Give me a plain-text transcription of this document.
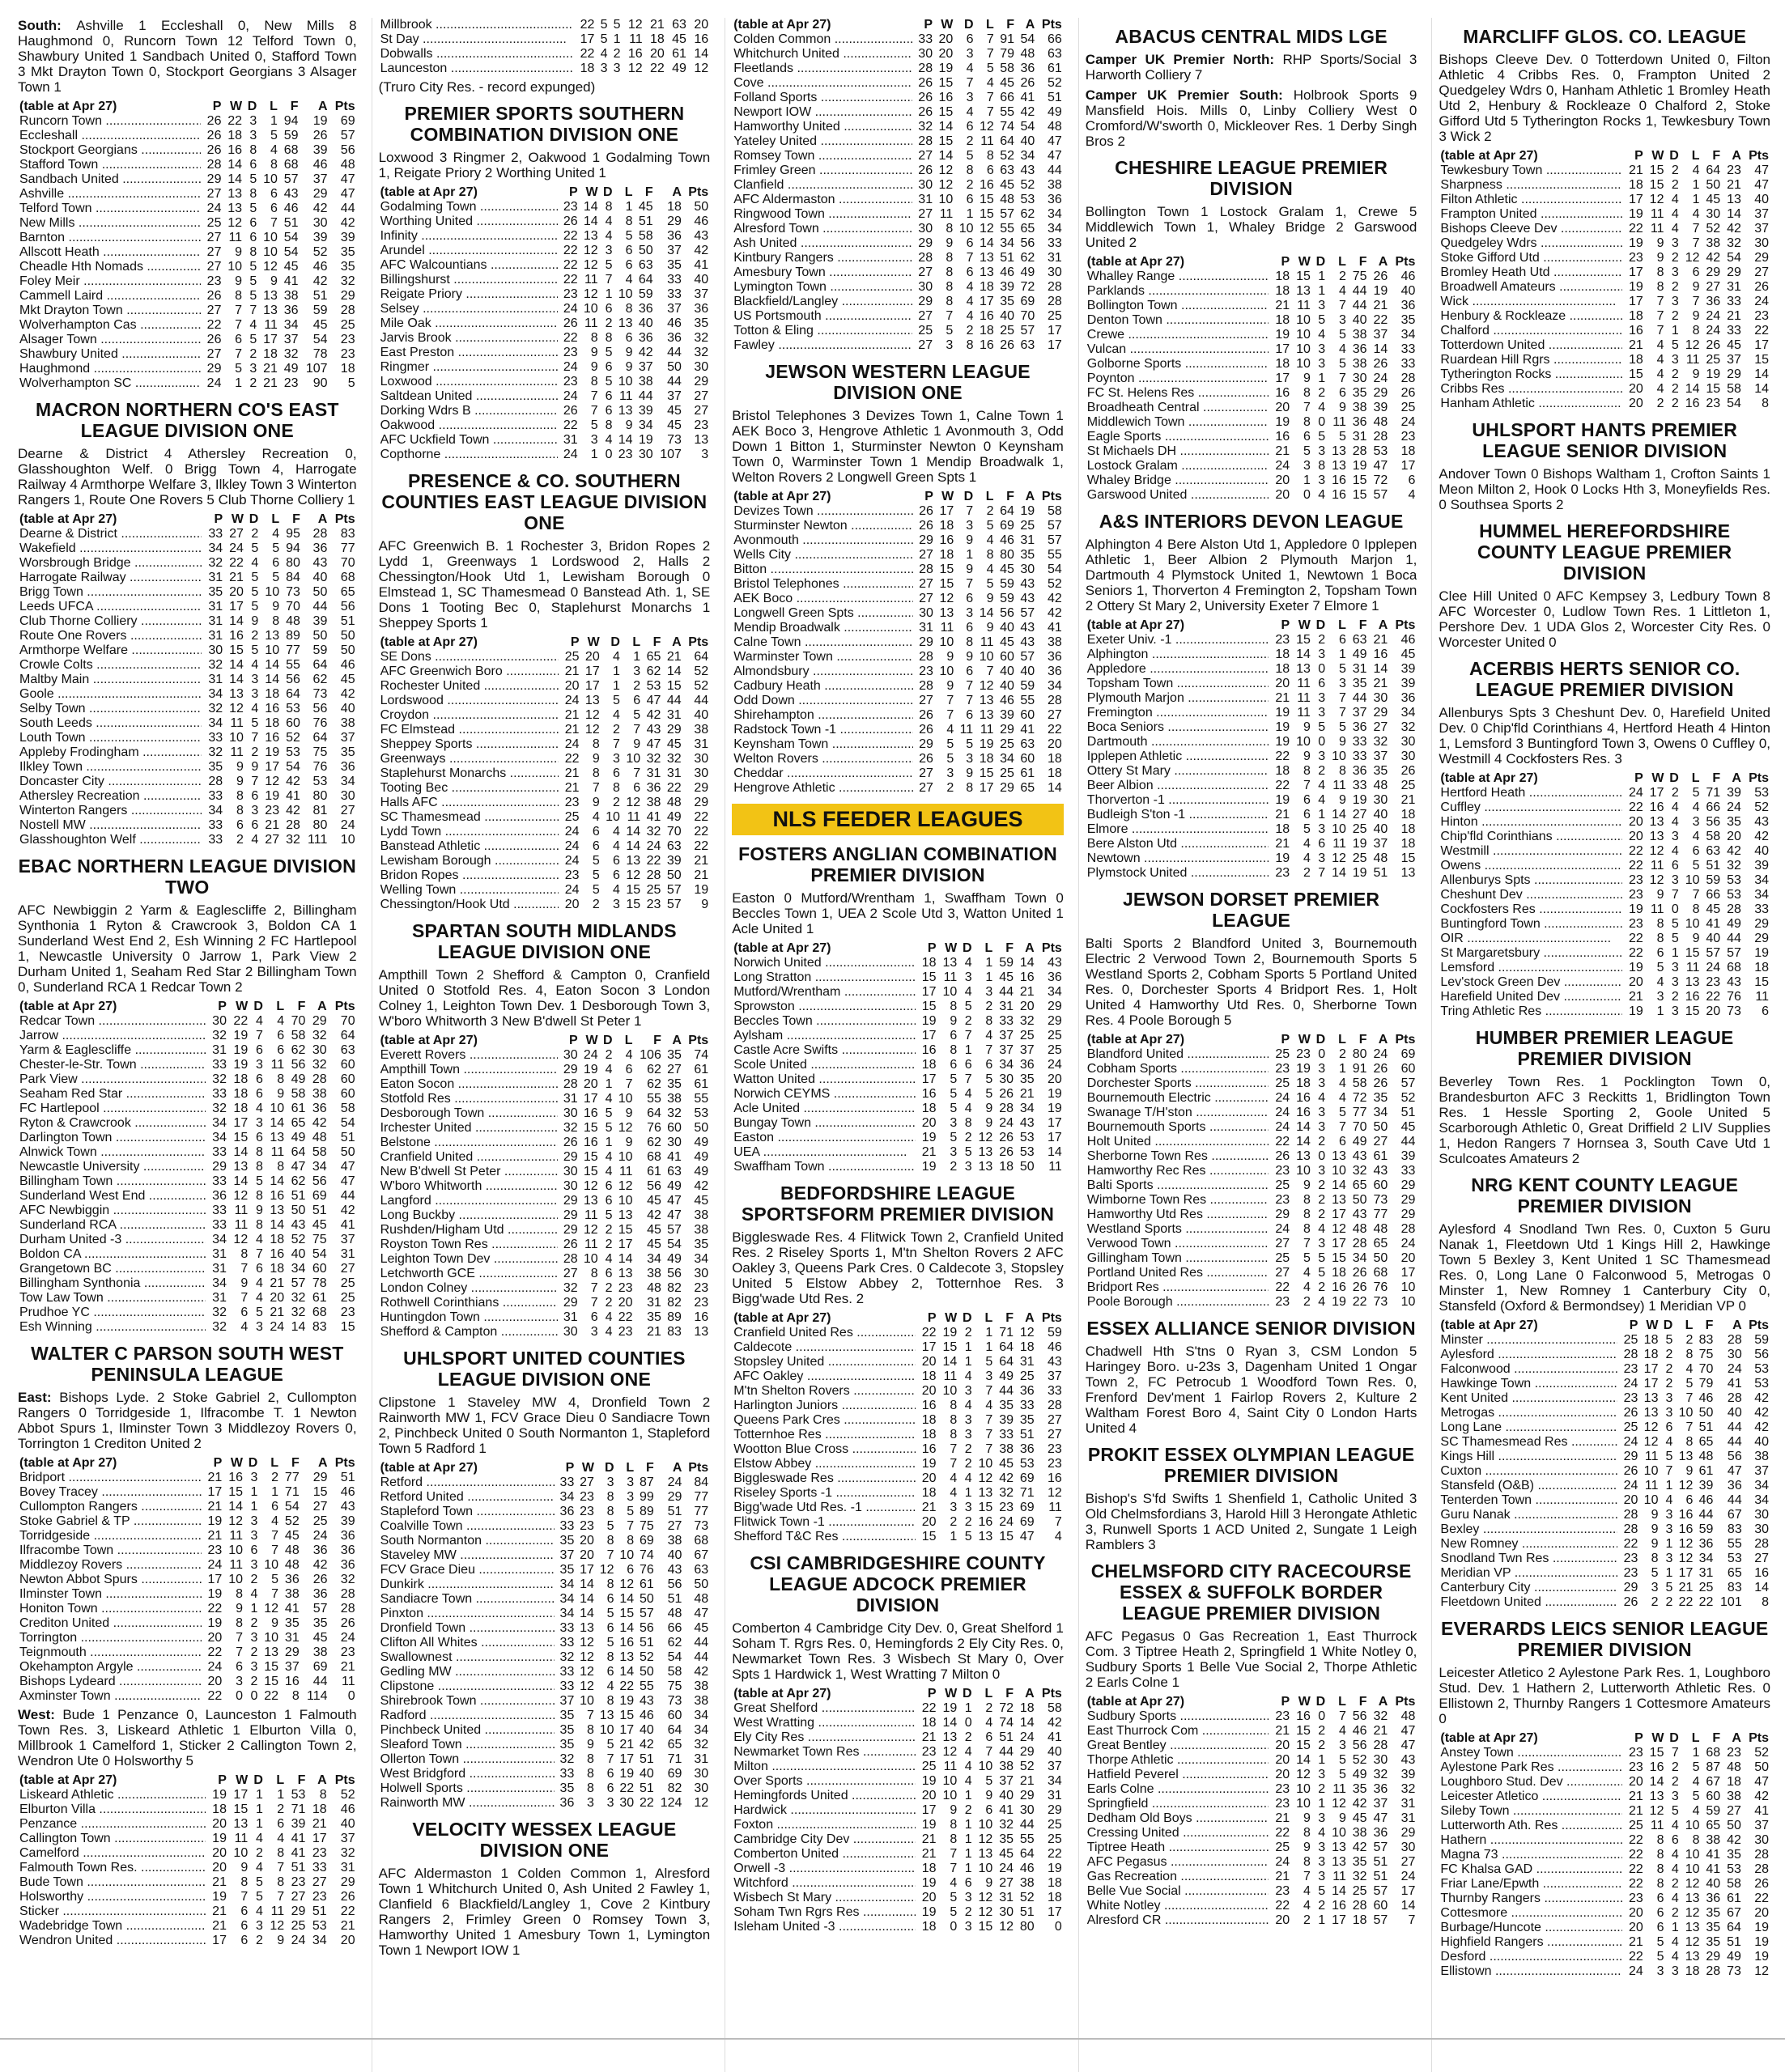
South: Ashville 1 Eccleshall 0, New Mills 8 Haughmond 0, Runcorn Town 12 Telford Town 0, Shawbury United 1 Sandbach United 0, Stafford Town 3 Mkt Drayton Town 0, Stockport Georgians 3 Alsager Town 1
(table at Apr 27)	P	W	D	L	F	A	Pts

Runcorn Town .....	26	22	3	1	94	19	69

Eccleshall .....	26	18	3	5	59	26	57

Stockport Georgians .....	26	16	8	4	68	39	56

Stafford Town .....	28	14	6	8	68	46	48

Sandbach United .....	29	14	5	10	57	37	47

Ashville .....	27	13	8	6	43	29	47

Telford Town .....	24	13	5	6	46	42	44

New Mills .....	25	12	6	7	51	30	42

Barnton .....	27	11	6	10	54	39	39

Allscott Heath .....	27	9	8	10	54	52	35

Cheadle Hth Nomads .....	27	10	5	12	45	46	35

Foley Meir .....	23	9	5	9	41	42	32

Cammell Laird .....	26	8	5	13	38	51	29

Mkt Drayton Town .....	27	7	7	13	36	59	28

Wolverhampton Cas .....	22	7	4	11	34	45	25

Alsager Town .....	26	6	5	17	37	54	23

Shawbury United .....	27	7	2	18	32	78	23

Haughmond .....	29	5	3	21	49	107	18

Wolverhampton SC .....	24	1	2	21	23	90	5
MACRON NORTHERN CO'S EAST LEAGUE DIVISION ONE
Dearne & District 4 Athersley Recreation 0, Glasshoughton Welf. 0 Brigg Town 4, Harrogate Railway 4 Armthorpe Welfare 3, Ilkley Town 3 Winterton Rangers 1, Route One Rovers 5 Club Thorne Colliery 1
(table at Apr 27)	P	W	D	L	F	A	Pts

Dearne & District .....	33	27	2	4	95	28	83

Wakefield .....	34	24	5	5	94	36	77

Worsbrough Bridge .....	32	22	4	6	80	43	70

Harrogate Railway .....	31	21	5	5	84	40	68

Brigg Town .....	35	20	5	10	73	50	65

Leeds UFCA .....	31	17	5	9	70	44	56

Club Thorne Colliery .....	31	14	9	8	48	39	51

Route One Rovers .....	31	16	2	13	89	50	50

Armthorpe Welfare .....	30	15	5	10	77	59	50

Crowle Colts .....	32	14	4	14	55	64	46

Maltby Main .....	31	14	3	14	56	62	45

Goole .....	34	13	3	18	64	73	42

Selby Town .....	32	12	4	16	53	56	40

South Leeds .....	34	11	5	18	60	76	38

Louth Town .....	33	10	7	16	52	64	37

Appleby Frodingham .....	32	11	2	19	53	75	35

Ilkley Town .....	35	9	9	17	54	76	36

Doncaster City .....	28	9	7	12	42	53	34

Athersley Recreation .....	33	8	6	19	41	80	30

Winterton Rangers .....	34	8	3	23	42	81	27

Nostell MW .....	33	6	6	21	28	80	24

Glasshoughton Welf .....	33	2	4	27	32	111	10
EBAC NORTHERN LEAGUE DIVISION TWO
AFC Newbiggin 2 Yarm & Eaglescliffe 2, Billingham Synthonia 1 Ryton & Crawcrook 3, Boldon CA 1 Sunderland West End 2, Esh Winning 2 FC Hartlepool 1, Newcastle University 0 Jarrow 1, Park View 2 Durham United 1, Seaham Red Star 2 Billingham Town 0, Sunderland RCA 1 Redcar Town 2
(table at Apr 27)	P	W	D	L	F	A	Pts

Redcar Town .....	30	22	4	4	70	29	70

Jarrow .....	32	19	7	6	58	32	64

Yarm & Eaglescliffe .....	31	19	6	6	62	30	63

Chester-le-Str. Town .....	33	19	3	11	56	32	60

Park View .....	32	18	6	8	49	28	60

Seaham Red Star .....	33	18	6	9	58	38	60

FC Hartlepool .....	32	18	4	10	61	36	58

Ryton & Crawcrook .....	34	17	3	14	65	42	54

Darlington Town .....	34	15	6	13	49	48	51

Alnwick Town .....	33	14	8	11	64	58	50

Newcastle University .....	29	13	8	8	47	34	47

Billingham Town .....	33	14	5	14	62	56	47

Sunderland West End .....	36	12	8	16	51	69	44

AFC Newbiggin .....	33	11	9	13	50	51	42

Sunderland RCA .....	33	11	8	14	43	45	41

Durham United -3 .....	34	12	4	18	52	75	37

Boldon CA .....	31	8	7	16	40	54	31

Grangetown BC .....	31	7	6	18	34	60	27

Billingham Synthonia .....	34	9	4	21	57	78	25

Tow Law Town .....	31	7	4	20	32	61	25

Prudhoe YC .....	32	6	5	21	32	68	23

Esh Winning .....	32	4	3	24	14	83	15
WALTER C PARSON SOUTH WEST PENINSULA LEAGUE
East: Bishops Lyde. 2 Stoke Gabriel 2, Cullompton Rangers 0 Torridgeside 1, Ilfracombe T. 1 Newton Abbot Spurs 1, Ilminster Town 3 Middlezoy Rovers 0, Torrington 1 Crediton United 2
(table at Apr 27)	P	W	D	L	F	A	Pts

Bridport .....	21	16	3	2	77	29	51

Bovey Tracey .....	17	15	1	1	71	15	46

Cullompton Rangers .....	21	14	1	6	54	27	43

Stoke Gabriel & TP .....	19	12	3	4	52	25	39

Torridgeside .....	21	11	3	7	45	24	36

Ilfracombe Town .....	23	10	6	7	48	36	36

Middlezoy Rovers .....	24	11	3	10	48	42	36

Newton Abbot Spurs .....	17	10	2	5	36	26	32

Ilminster Town .....	19	8	4	7	38	36	28

Honiton Town .....	22	9	1	12	41	57	28

Crediton United .....	19	8	2	9	35	35	26

Torrington .....	20	7	3	10	31	45	24

Teignmouth .....	22	7	2	13	29	38	23

Okehampton Argyle .....	24	6	3	15	37	69	21

Bishops Lydeard .....	20	3	2	15	16	44	11

Axminster Town .....	22	0	0	22	8	114	0
West: Bude 1 Penzance 0, Launceston 1 Falmouth Town Res. 3, Liskeard Athletic 1 Elburton Villa 0, Millbrook 1 Camelford 1, Sticker 2 Callington Town 2, Wendron Ute 0 Holsworthy 5
(table at Apr 27)	P	W	D	L	F	A	Pts

Liskeard Athletic .....	19	17	1	1	53	8	52

Elburton Villa .....	18	15	1	2	71	18	46

Penzance .....	20	13	1	6	39	21	40

Callington Town .....	19	11	4	4	41	17	37

Camelford .....	20	10	2	8	41	23	32

Falmouth Town Res. .....	20	9	4	7	51	33	31

Bude Town .....	21	8	5	8	23	27	29

Holsworthy .....	19	7	5	7	27	23	26

Sticker .....	21	6	4	11	29	51	22

Wadebridge Town .....	21	6	3	12	25	53	21

Wendron United .....	17	6	2	9	24	34	20
Millbrook .....	22	5	5	12	21	63	20

St Day .....	17	5	1	11	18	45	16

Dobwalls .....	22	4	2	16	20	61	14

Launceston .....	18	3	3	12	22	49	12
(Truro City Res. - record expunged)
PREMIER SPORTS SOUTHERN COMBINATION DIVISION ONE
Loxwood 3 Ringmer 2, Oakwood 1 Godalming Town 1, Reigate Priory 2 Worthing United 1
(table at Apr 27)	P	W	D	L	F	A	Pts

Godalming Town .....	23	14	8	1	45	18	50

Worthing United .....	26	14	4	8	51	29	46

Infinity .....	22	13	4	5	58	36	43

Arundel .....	22	12	3	6	50	37	42

AFC Walcountians .....	22	12	5	6	63	35	41

Billingshurst .....	22	11	7	4	64	33	40

Reigate Priory .....	23	12	1	10	59	33	37

Selsey .....	24	10	6	8	36	37	36

Mile Oak .....	26	11	2	13	40	46	35

Jarvis Brook .....	22	8	8	6	36	36	32

East Preston .....	23	9	5	9	42	44	32

Ringmer .....	24	9	6	9	37	50	30

Loxwood .....	23	8	5	10	38	44	29

Saltdean United .....	24	7	6	11	44	37	27

Dorking Wdrs B .....	26	7	6	13	39	45	27

Oakwood .....	22	5	8	9	34	45	23

AFC Uckfield Town .....	31	3	4	14	19	73	13

Copthorne .....	24	1	0	23	30	107	3
PRESENCE & CO. SOUTHERN COUNTIES EAST LEAGUE DIVISION ONE
AFC Greenwich B. 1 Rochester 3, Bridon Ropes 2 Lydd 1, Greenways 1 Lordswood 2, Halls 2 Chessington/Hook Utd 1, Lewisham Borough 0 Elmstead 1, SC Thamesmead 0 Banstead Ath. 1, SE Dons 1 Tooting Bec 0, Staplehurst Monarchs 1 Sheppey Sports 1
(table at Apr 27)	P	W	D	L	F	A	Pts

SE Dons .....	25	20	4	1	65	21	64

AFC Greenwich Boro .....	21	17	1	3	62	14	52

Rochester United .....	20	17	1	2	53	15	52

Lordswood .....	24	13	5	6	47	44	44

Croydon .....	21	12	4	5	42	31	40

FC Elmstead .....	21	12	2	7	43	29	38

Sheppey Sports .....	24	8	7	9	47	45	31

Greenways .....	22	9	3	10	32	32	30

Staplehurst Monarchs .....	21	8	6	7	31	31	30

Tooting Bec .....	21	7	8	6	36	22	29

Halls AFC .....	23	9	2	12	38	48	29

SC Thamesmead .....	25	4	10	11	41	49	22

Lydd Town .....	24	6	4	14	32	70	22

Banstead Athletic .....	24	6	4	14	24	63	22

Lewisham Borough .....	24	5	6	13	22	39	21

Bridon Ropes .....	23	5	6	12	28	50	21

Welling Town .....	24	5	4	15	25	57	19

Chessington/Hook Utd .....	20	2	3	15	23	57	9
SPARTAN SOUTH MIDLANDS LEAGUE DIVISION ONE
Ampthill Town 2 Shefford & Campton 0, Cranfield United 0 Stotfold Res. 4, Eaton Socon 3 London Colney 1, Leighton Town Dev. 1 Desborough Town 3, W'boro Whitworth 3 New B'dwell St Peter 1
(table at Apr 27)	P	W	D	L	F	A	Pts

Everett Rovers .....	30	24	2	4	106	35	74

Ampthill Town .....	29	19	4	6	62	27	61

Eaton Socon .....	28	20	1	7	62	35	61

Stotfold Res .....	31	17	4	10	55	38	55

Desborough Town .....	30	16	5	9	64	32	53

Irchester United .....	32	15	5	12	76	60	50

Belstone .....	26	16	1	9	62	30	49

Cranfield United .....	29	15	4	10	68	41	49

New B'dwell St Peter .....	30	15	4	11	61	63	49

W'boro Whitworth .....	30	12	6	12	56	49	42

Langford .....	29	13	6	10	45	47	45

Long Buckby .....	29	11	5	13	42	47	38

Rushden/Higham Utd .....	29	12	2	15	45	57	38

Royston Town Res .....	26	11	2	17	45	54	35

Leighton Town Dev .....	28	10	4	14	34	49	34

Letchworth GCE .....	27	8	6	13	38	56	30

London Colney .....	32	7	2	23	48	82	23

Rothwell Corinthians .....	29	7	2	20	31	82	23

Huntingdon Town .....	31	6	4	22	35	89	16

Shefford & Campton .....	30	3	4	23	21	83	13
UHLSPORT UNITED COUNTIES LEAGUE DIVISION ONE
Clipstone 1 Staveley MW 4, Dronfield Town 2 Rainworth MW 1, FCV Grace Dieu 0 Sandiacre Town 2, Pinchbeck United 0 South Normanton 1, Stapleford Town 5 Radford 1
(table at Apr 27)	P	W	D	L	F	A	Pts

Retford .....	33	27	3	3	87	24	84

Retford United .....	34	23	8	3	99	29	77

Stapleford Town .....	36	23	8	5	89	51	77

Coalville Town .....	33	23	5	7	75	27	73

South Normanton .....	35	20	8	8	69	38	68

Staveley MW .....	37	20	7	10	74	40	67

FCV Grace Dieu .....	35	17	12	6	76	43	63

Dunkirk .....	34	14	8	12	61	56	50

Sandiacre Town .....	34	14	6	14	50	51	48

Pinxton .....	34	14	5	15	57	48	47

Dronfield Town .....	33	13	6	14	56	66	45

Clifton All Whites .....	33	12	5	16	51	62	44

Swallownest .....	32	12	8	13	52	54	44

Gedling MW .....	33	12	6	14	50	58	42

Clipstone .....	33	12	4	22	55	75	38

Shirebrook Town .....	37	10	8	19	43	73	38

Radford .....	35	7	13	15	46	60	34

Pinchbeck United .....	35	8	10	17	40	64	34

Sleaford Town .....	35	9	5	21	42	65	32

Ollerton Town .....	32	8	7	17	51	71	31

West Bridgford .....	33	8	6	19	40	69	30

Holwell Sports .....	35	8	6	22	51	82	30

Rainworth MW .....	36	3	3	30	22	124	12
VELOCITY WESSEX LEAGUE DIVISION ONE
AFC Aldermaston 1 Colden Common 1, Alresford Town 1 Whitchurch United 0, Ash United 2 Fawley 1, Clanfield 6 Blackfield/Langley 1, Cove 2 Kintbury Rangers 2, Frimley Green 0 Romsey Town 3, Hamworthy United 1 Amesbury Town 1, Lymington Town 1 Newport IOW 1
(table at Apr 27)	P	W	D	L	F	A	Pts

Colden Common .....	33	20	6	7	91	54	66

Whitchurch United .....	30	20	3	7	79	48	63

Fleetlands .....	28	19	4	5	58	36	61

Cove .....	26	15	7	4	45	26	52

Folland Sports .....	26	16	3	7	66	41	51

Newport IOW .....	26	15	4	7	55	42	49

Hamworthy United .....	32	14	6	12	74	54	48

Yateley United .....	28	15	2	11	64	40	47

Romsey Town .....	27	14	5	8	52	34	47

Frimley Green .....	26	12	8	6	63	43	44

Clanfield .....	30	12	2	16	45	52	38

AFC Aldermaston .....	31	10	6	15	48	53	36

Ringwood Town .....	27	11	1	15	57	62	34

Alresford Town .....	30	8	10	12	55	65	34

Ash United .....	29	9	6	14	34	56	33

Kintbury Rangers .....	28	8	7	13	51	62	31

Amesbury Town .....	27	8	6	13	46	49	30

Lymington Town .....	30	8	4	18	39	72	28

Blackfield/Langley .....	29	8	4	17	35	69	28

US Portsmouth .....	27	7	4	16	40	70	25

Totton & Eling .....	25	5	2	18	25	57	17

Fawley .....	27	3	8	16	26	63	17
JEWSON WESTERN LEAGUE DIVISION ONE
Bristol Telephones 3 Devizes Town 1, Calne Town 1 AEK Boco 3, Hengrove Athletic 1 Avonmouth 3, Odd Down 1 Bitton 1, Sturminster Newton 0 Keynsham Town 0, Warminster Town 1 Mendip Broadwalk 1, Welton Rovers 2 Longwell Green Spts 1
(table at Apr 27)	P	W	D	L	F	A	Pts

Devizes Town .....	26	17	7	2	64	19	58

Sturminster Newton .....	26	18	3	5	69	25	57

Avonmouth .....	29	16	9	4	46	31	57

Wells City .....	27	18	1	8	80	35	55

Bitton .....	28	15	9	4	45	30	54

Bristol Telephones .....	27	15	7	5	59	43	52

AEK Boco .....	27	12	6	9	59	43	42

Longwell Green Spts .....	30	13	3	14	56	57	42

Mendip Broadwalk .....	31	11	6	9	40	43	41

Calne Town .....	29	10	8	11	45	43	38

Warminster Town .....	28	9	9	10	60	57	36

Almondsbury .....	23	10	6	7	40	40	36

Cadbury Heath .....	28	9	7	12	40	59	34

Odd Down .....	27	7	7	13	46	55	28

Shirehampton .....	26	7	6	13	39	60	27

Radstock Town -1 .....	26	4	11	11	29	41	22

Keynsham Town .....	29	5	5	19	25	63	20

Welton Rovers .....	26	5	3	18	34	60	18

Cheddar .....	27	3	9	15	25	61	18

Hengrove Athletic .....	27	2	8	17	29	65	14
NLS FEEDER LEAGUES
FOSTERS ANGLIAN COMBINATION PREMIER DIVISION
Easton 0 Mutford/Wrentham 1, Swaffham Town 0 Beccles Town 1, UEA 2 Scole Utd 3, Watton United 1 Acle United 1
(table at Apr 27)	P	W	D	L	F	A	Pts

Norwich United .....	18	13	4	1	59	14	43

Long Stratton .....	15	11	3	1	45	16	36

Mutford/Wrentham .....	17	10	4	3	44	21	34

Sprowston .....	15	8	5	2	31	20	29

Beccles Town .....	19	9	2	8	33	32	29

Aylsham .....	17	6	7	4	37	25	25

Castle Acre Swifts .....	16	8	1	7	37	37	25

Scole United .....	18	6	6	6	34	36	24

Watton United .....	17	5	7	5	30	35	20

Norwich CEYMS .....	16	5	4	5	26	21	19

Acle United .....	18	5	4	9	28	34	19

Bungay Town .....	20	3	8	9	24	43	17

Easton .....	19	5	2	12	26	53	17

UEA .....	21	3	5	13	26	53	14

Swaffham Town .....	19	2	3	13	18	50	11
BEDFORDSHIRE LEAGUE SPORTSFORM PREMIER DIVISION
Biggleswade Res. 4 Flitwick Town 2, Cranfield United Res. 2 Riseley Sports 1, M'tn Shelton Rovers 2 AFC Oakley 3, Queens Park Cres. 0 Caldecote 3, Stopsley United 5 Elstow Abbey 2, Totternhoe Res. 3 Bigg'wade Utd Res. 2
(table at Apr 27)	P	W	D	L	F	A	Pts

Cranfield United Res .....	22	19	2	1	71	12	59

Caldecote .....	17	15	1	1	64	18	46

Stopsley United .....	20	14	1	5	64	31	43

AFC Oakley .....	18	11	4	3	49	25	37

M'tn Shelton Rovers .....	20	10	3	7	44	36	33

Harlington Juniors .....	16	8	4	4	35	33	28

Queens Park Cres .....	18	8	3	7	39	35	27

Totternhoe Res .....	18	8	3	7	33	51	27

Wootton Blue Cross .....	16	7	2	7	38	36	23

Elstow Abbey .....	19	7	2	10	45	53	23

Biggleswade Res .....	20	4	4	12	42	69	16

Riseley Sports -1 .....	18	4	1	13	32	71	12

Bigg'wade Utd Res. -1 .....	21	3	3	15	23	69	11

Flitwick Town -1 .....	20	2	2	16	24	69	7

Shefford T&C Res .....	15	1	5	13	15	47	4
CSI CAMBRIDGESHIRE COUNTY LEAGUE ADCOCK PREMIER DIVISION
Comberton 4 Cambridge City Dev. 0, Great Shelford 1 Soham T. Rgrs Res. 0, Hemingfords 2 Ely City Res. 0, Newmarket Town Res. 3 Wisbech St Mary 0, Over Spts 1 Hardwick 1, West Wratting 7 Milton 0
(table at Apr 27)	P	W	D	L	F	A	Pts

Great Shelford .....	22	19	1	2	72	18	58

West Wratting .....	18	14	0	4	74	14	42

Ely City Res .....	21	13	2	6	51	24	41

Newmarket Town Res .....	23	12	4	7	44	29	40

Milton .....	25	11	4	10	38	52	37

Over Sports .....	19	10	4	5	37	21	34

Hemingfords United .....	20	10	1	9	40	29	31

Hardwick .....	17	9	2	6	41	30	29

Foxton .....	19	8	1	10	32	44	25

Cambridge City Dev .....	21	8	1	12	35	55	25

Comberton United .....	21	7	1	13	45	64	22

Orwell -3 .....	18	7	1	10	24	46	19

Witchford .....	19	4	6	9	27	38	18

Wisbech St Mary .....	20	5	3	12	31	52	18

Soham Twn Rgrs Res .....	19	5	2	12	30	51	17

Isleham United -3 .....	18	0	3	15	12	80	0
ABACUS CENTRAL MIDS LGE
Camper UK Premier North: RHP Sports/Social 3 Harworth Colliery 7
Camper UK Premier South: Holbrook Sports 9 Mansfield Hois. Mills 0, Linby Colliery West 0 Cromford/W'sworth 0, Mickleover Res. 1 Derby Singh Bros 2
CHESHIRE LEAGUE PREMIER DIVISION
Bollington Town 1 Lostock Gralam 1, Crewe 5 Middlewich Town 1, Whaley Bridge 2 Garswood United 2
(table at Apr 27)	P	W	D	L	F	A	Pts

Whalley Range .....	18	15	1	2	75	26	46

Parklands .....	18	13	1	4	44	19	40

Bollington Town .....	21	11	3	7	44	21	36

Denton Town .....	18	10	5	3	40	22	35

Crewe .....	19	10	4	5	38	37	34

Vulcan .....	17	10	3	4	36	14	33

Golborne Sports .....	18	10	3	5	38	26	33

Poynton .....	17	9	1	7	30	24	28

FC St. Helens Res .....	16	8	2	6	35	29	26

Broadheath Central .....	20	7	4	9	38	39	25

Middlewich Town .....	19	8	0	11	36	48	24

Eagle Sports .....	16	6	5	5	31	28	23

St Michaels DH .....	21	5	3	13	28	53	18

Lostock Gralam .....	24	3	8	13	19	47	17

Whaley Bridge .....	20	1	3	16	15	72	6

Garswood United .....	20	0	4	16	15	57	4
A&S INTERIORS DEVON LEAGUE
Alphington 4 Bere Alston Utd 1, Appledore 0 Ipplepen Athletic 1, Beer Albion 2 Plymouth Marjon 1, Dartmouth 4 Plymstock United 1, Newtown 1 Boca Seniors 1, Thorverton 4 Fremington 2, Topsham Town 2 Ottery St Mary 2, University Exeter 7 Elmore 1
(table at Apr 27)	P	W	D	L	F	A	Pts

Exeter Univ. -1 .....	23	15	2	6	63	21	46

Alphington .....	18	14	3	1	49	16	45

Appledore .....	18	13	0	5	31	14	39

Topsham Town .....	20	11	6	3	35	21	39

Plymouth Marjon .....	21	11	3	7	44	30	36

Fremington .....	19	11	3	7	37	29	34

Boca Seniors .....	19	9	5	5	36	27	32

Dartmouth .....	19	10	0	9	33	32	30

Ipplepen Athletic .....	22	9	3	10	33	37	30

Ottery St Mary .....	18	8	2	8	36	35	26

Beer Albion .....	22	7	4	11	33	48	25

Thorverton -1 .....	19	6	4	9	19	30	21

Budleigh S'ton -1 .....	21	6	1	14	27	40	18

Elmore .....	18	5	3	10	25	40	18

Bere Alston Utd .....	21	4	6	11	19	37	18

Newtown .....	19	4	3	12	25	48	15

Plymstock United .....	23	2	7	14	19	51	13
JEWSON DORSET PREMIER LEAGUE
Balti Sports 2 Blandford United 3, Bournemouth Electric 2 Verwood Town 2, Bournemouth Sports 5 Westland Sports 2, Cobham Sports 5 Portland United Res. 0, Dorchester Sports 4 Bridport Res. 1, Holt United 4 Hamworthy Utd Res. 0, Sherborne Town Res. 4 Poole Borough 5
(table at Apr 27)	P	W	D	L	F	A	Pts

Blandford United .....	25	23	0	2	80	24	69

Cobham Sports .....	23	19	3	1	91	26	60

Dorchester Sports .....	25	18	3	4	58	26	57

Bournemouth Electric .....	24	16	4	4	72	35	52

Swanage T/H'ston .....	24	16	3	5	77	34	51

Bournemouth Sports .....	24	14	3	7	70	50	45

Holt United .....	22	14	2	6	49	27	44

Sherborne Town Res .....	26	13	0	13	43	61	39

Hamworthy Rec Res .....	23	10	3	10	32	43	33

Balti Sports .....	25	9	2	14	65	60	29

Wimborne Town Res .....	23	8	2	13	50	73	29

Hamworthy Utd Res .....	29	8	2	17	43	77	29

Westland Sports .....	24	8	4	12	48	48	28

Verwood Town .....	27	7	3	17	28	65	24

Gillingham Town .....	25	5	5	15	34	50	20

Portland United Res .....	27	4	5	18	26	68	17

Bridport Res .....	22	4	2	16	26	76	10

Poole Borough .....	23	2	4	19	22	73	10
ESSEX ALLIANCE SENIOR DIVISION
Chadwell Hth S'tns 0 Ryan 3, CSM London 5 Haringey Boro. u-23s 3, Dagenham United 1 Ongar Town 2, FC Petrocub 1 Woodford Town Res. 0, Frenford Dev'ment 1 Fairlop Rovers 2, Kulture 2 Waltham Forest Boro 4, Saint City 0 London Harts United 4
PROKIT ESSEX OLYMPIAN LEAGUE PREMIER DIVISION
Bishop's S'fd Swifts 1 Shenfield 1, Catholic United 3 Old Chelmsfordians 3, Harold Hill 3 Herongate Athletic 3, Runwell Sports 1 ACD United 2, Sungate 1 Leigh Ramblers 3
CHELMSFORD CITY RACECOURSE ESSEX & SUFFOLK BORDER LEAGUE PREMIER DIVISION
AFC Pegasus 0 Gas Recreation 1, East Thurrock Com. 3 Tiptree Heath 2, Springfield 1 White Notley 0, Sudbury Sports 1 Belle Vue Social 2, Thorpe Athletic 2 Earls Colne 1
(table at Apr 27)	P	W	D	L	F	A	Pts

Sudbury Sports .....	23	16	0	7	56	32	48

East Thurrock Com .....	21	15	2	4	46	21	47

Great Bentley .....	20	15	2	3	56	28	47

Thorpe Athletic .....	20	14	1	5	52	30	43

Hatfield Peverel .....	20	12	3	5	49	32	39

Earls Colne .....	23	10	2	11	35	36	32

Springfield .....	23	10	1	12	42	37	31

Dedham Old Boys .....	21	9	3	9	45	47	31

Cressing United .....	22	8	4	10	38	36	29

Tiptree Heath .....	25	9	3	13	42	57	30

AFC Pegasus .....	24	8	3	13	35	51	27

Gas Recreation .....	21	7	3	11	32	51	24

Belle Vue Social .....	23	4	5	14	25	57	17

White Notley .....	22	4	2	16	28	60	14

Alresford CR .....	20	2	1	17	18	57	7
MARCLIFF GLOS. CO. LEAGUE
Bishops Cleeve Dev. 0 Totterdown United 0, Filton Athletic 4 Cribbs Res. 0, Frampton United 2 Quedgeley Wdrs 0, Hanham Athletic 1 Bromley Heath Utd 2, Henbury & Rockleaze 0 Chalford 2, Stoke Gifford Utd 5 Tytherington Rocks 1, Tewkesbury Town 3 Wick 2
(table at Apr 27)	P	W	D	L	F	A	Pts

Tewkesbury Town .....	21	15	2	4	64	23	47

Sharpness .....	18	15	2	1	50	21	47

Filton Athletic .....	17	12	4	1	45	13	40

Frampton United .....	19	11	4	4	30	14	37

Bishops Cleeve Dev .....	22	11	4	7	52	42	37

Quedgeley Wdrs .....	19	9	3	7	38	32	30

Stoke Gifford Utd .....	23	9	2	12	42	54	29

Bromley Heath Utd .....	17	8	3	6	29	29	27

Broadwell Amateurs .....	19	8	2	9	27	31	26

Wick .....	17	7	3	7	36	33	24

Henbury & Rockleaze .....	18	7	2	9	24	21	23

Chalford .....	16	7	1	8	24	33	22

Totterdown United .....	21	4	5	12	26	45	17

Ruardean Hill Rgrs .....	18	4	3	11	25	37	15

Tytherington Rocks .....	15	4	2	9	19	29	14

Cribbs Res .....	20	4	2	14	15	58	14

Hanham Athletic .....	20	2	2	16	23	54	8
UHLSPORT HANTS PREMIER LEAGUE SENIOR DIVISION
Andover Town 0 Bishops Waltham 1, Crofton Saints 1 Meon Milton 2, Hook 0 Locks Hth 3, Moneyfields Res. 0 Southsea Sports 2
HUMMEL HEREFORDSHIRE COUNTY LEAGUE PREMIER DIVISION
Clee Hill United 0 AFC Kempsey 3, Ledbury Town 8 AFC Worcester 0, Ludlow Town Res. 1 Littleton 1, Pershore Dev. 1 UDA Glos 2, Worcester City Res. 0 Worcester United 0
ACERBIS HERTS SENIOR CO. LEAGUE PREMIER DIVISION
Allenburys Spts 3 Cheshunt Dev. 0, Harefield United Dev. 0 Chip'fld Corinthians 4, Hertford Heath 4 Hinton 1, Lemsford 3 Buntingford Town 3, Owens 0 Cuffley 0, Westmill 4 Cockfosters Res. 3
(table at Apr 27)	P	W	D	L	F	A	Pts

Hertford Heath .....	24	17	2	5	71	39	53

Cuffley .....	22	16	4	4	66	24	52

Hinton .....	20	13	4	3	56	35	43

Chip'fld Corinthians .....	20	13	3	4	58	20	42

Westmill .....	22	12	4	6	63	42	40

Owens .....	22	11	6	5	51	32	39

Allenburys Spts .....	23	12	3	10	59	53	34

Cheshunt Dev .....	23	9	7	7	66	53	34

Cockfosters Res .....	19	11	0	8	45	28	33

Buntingford Town .....	23	8	5	10	41	49	29

OIR .....	22	8	5	9	40	44	29

St Margaretsbury .....	22	6	1	15	57	57	19

Lemsford .....	19	5	3	11	24	68	18

Lev'stock Green Dev .....	20	4	3	13	23	43	15

Harefield United Dev .....	21	3	2	16	22	76	11

Tring Athletic Res .....	19	1	3	15	20	73	6
HUMBER PREMIER LEAGUE PREMIER DIVISION
Beverley Town Res. 1 Pocklington Town 0, Brandesburton AFC 3 Reckitts 1, Bridlington Town Res. 1 Hessle Sporting 2, Goole United 5 Scarborough Athletic 0, Great Driffield 2 LIV Supplies 1, Hedon Rangers 7 Hornsea 3, South Cave Utd 1 Sculcoates Amateurs 2
NRG KENT COUNTY LEAGUE PREMIER DIVISION
Aylesford 4 Snodland Twn Res. 0, Cuxton 5 Guru Nanak 1, Fleetdown Utd 1 Kings Hill 2, Hawkinge Town 5 Bexley 3, Kent United 1 SC Thamesmead Res. 0, Long Lane 0 Falconwood 5, Metrogas 0 Minster 1, New Romney 1 Canterbury City 0, Stansfeld (Oxford & Bermondsey) 1 Meridian VP 0
(table at Apr 27)	P	W	D	L	F	A	Pts

Minster .....	25	18	5	2	83	28	59

Aylesford .....	28	18	2	8	75	30	56

Falconwood .....	23	17	2	4	70	24	53

Hawkinge Town .....	24	17	2	5	79	41	53

Kent United .....	23	13	3	7	46	28	42

Metrogas .....	26	13	3	10	50	40	42

Long Lane .....	25	12	6	7	51	44	42

SC Thamesmead Res .....	24	12	4	8	65	44	40

Kings Hill .....	29	11	5	13	48	56	38

Cuxton .....	26	10	7	9	61	47	37

Stansfeld (O&B) .....	24	11	1	12	39	36	34

Tenterden Town .....	20	10	4	6	46	44	34

Guru Nanak .....	28	9	3	16	44	67	30

Bexley .....	28	9	3	16	59	83	30

New Romney .....	22	9	1	12	36	55	28

Snodland Twn Res .....	23	8	3	12	34	53	27

Meridian VP .....	23	5	1	17	31	65	16

Canterbury City .....	29	3	5	21	25	83	14

Fleetdown United .....	26	2	2	22	22	101	8
EVERARDS LEICS SENIOR LEAGUE PREMIER DIVISION
Leicester Atletico 2 Aylestone Park Res. 1, Loughboro Stud. Dev. 1 Hathern 2, Lutterworth Athletic Res. 0 Ellistown 2, Thurnby Rangers 1 Cottesmore Amateurs 0
(table at Apr 27)	P	W	D	L	F	A	Pts

Anstey Town .....	23	15	7	1	68	23	52

Aylestone Park Res .....	23	16	2	5	87	48	50

Loughboro Stud. Dev .....	20	14	2	4	67	18	47

Leicester Atletico .....	21	13	3	5	60	38	42

Sileby Town .....	21	12	5	4	59	27	41

Lutterworth Ath. Res .....	25	11	4	10	65	50	37

Hathern .....	22	8	6	8	38	42	30

Magna 73 .....	22	8	4	10	41	35	28

FC Khalsa GAD .....	22	8	4	10	41	53	28

Friar Lane/Epwth .....	22	8	2	12	40	58	26

Thurnby Rangers .....	23	6	4	13	36	61	22

Cottesmore .....	20	6	2	12	35	67	20

Burbage/Huncote .....	20	6	1	13	35	64	19

Highfield Rangers .....	21	5	4	12	35	51	19

Desford .....	22	5	4	13	29	49	19

Ellistown .....	24	3	3	18	28	73	12
